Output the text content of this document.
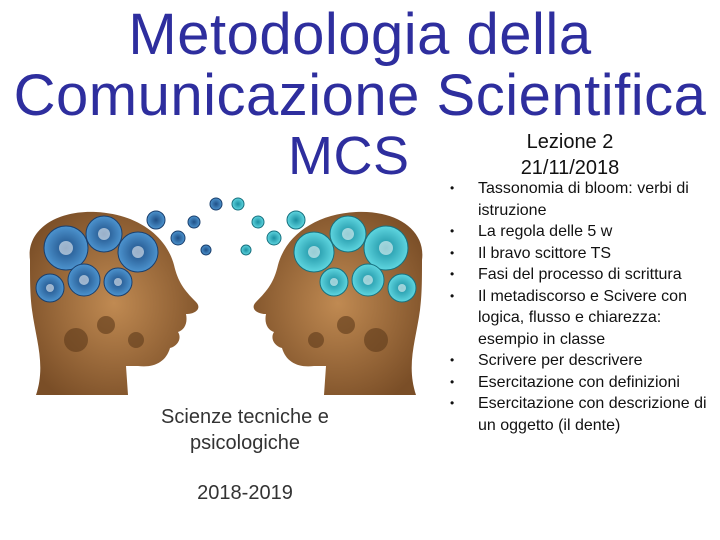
Metodologia della
Comunicazione Scientifica
MCS	Lezione 2
21/11/2018
• Tassonomia di bloom: verbi di istruzione
• La regola delle 5 w
• Il bravo scittore TS
• Fasi del processo di scrittura
• Il metadiscorso e Scivere con logica, flusso e chiarezza: esempio in classe
• Scrivere per descrivere
• Esercitazione con definizioni
• Esercitazione con descrizione di un oggetto (il dente)
Scienze tecniche e psicologiche
2018-2019
